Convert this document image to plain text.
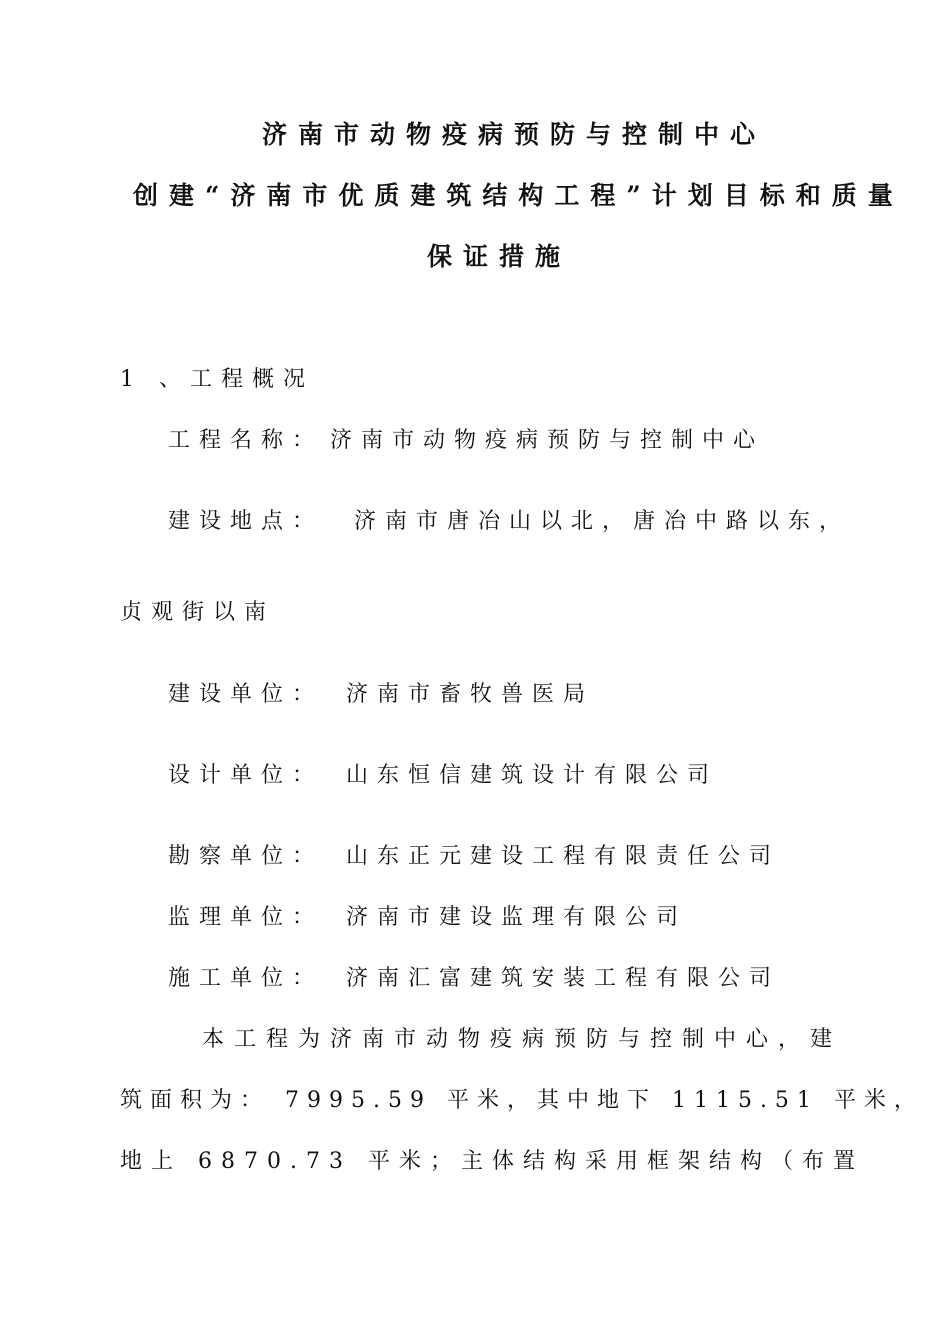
济南市动物疫病预防与控制中心
创建“济南市优质建筑结构工程”计划目标和质量
保证措施
1 、工程概况
工程名称： 济南市动物疫病预防与控制中心
建设地点： 济南市唐冶山以北，唐冶中路以东，
贞观街以南
建设单位： 济南市畜牧兽医局
设计单位： 山东恒信建筑设计有限公司
勘察单位： 山东正元建设工程有限责任公司
监理单位： 济南市建设监理有限公司
施工单位： 济南汇富建筑安装工程有限公司
本工程为济南市动物疫病预防与控制中心，建
筑面积为： 7995.59 平米，其中地下 1115.51 平米，
地上 6870.73 平米；主体结构采用框架结构（布置
